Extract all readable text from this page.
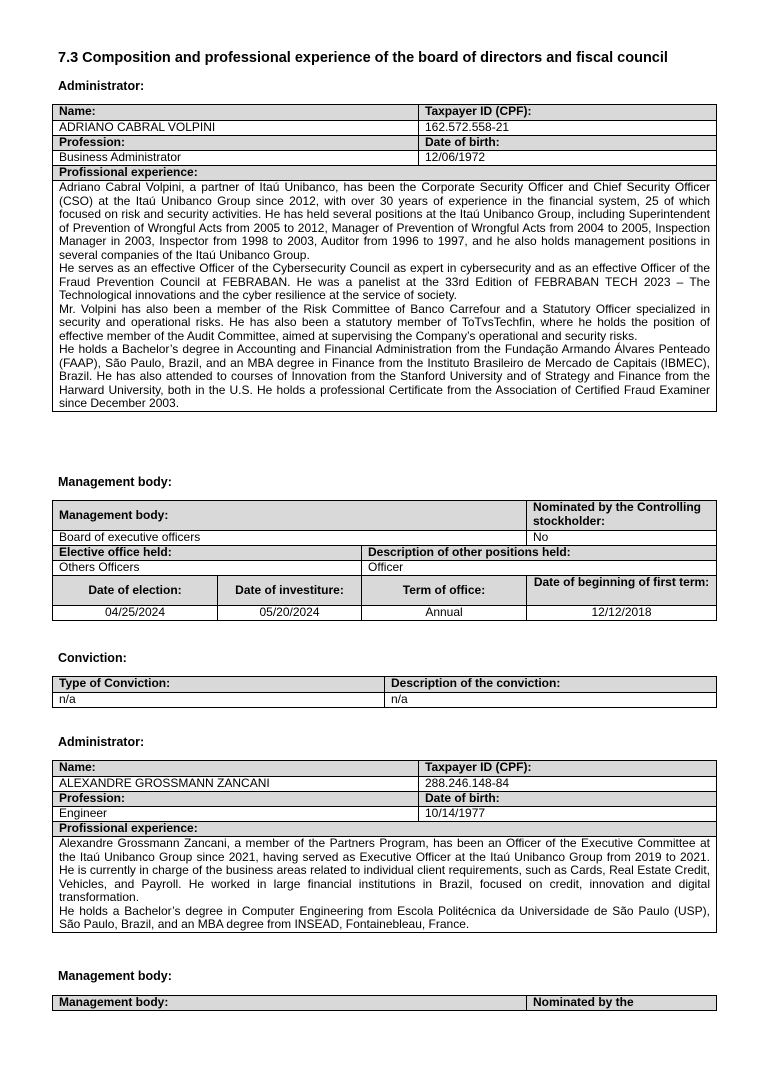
7.3 Composition and professional experience of the board of directors and fiscal council
Administrator:
Name:	Taxpayer ID (CPF):
ADRIANO CABRAL VOLPINI	162.572.558-21
Profession:	Date of birth:
Business Administrator	12/06/1972
Profissional experience:	

Adriano Cabral Volpini, a partner of Itaú Unibanco, has been the Corporate Security Officer and Chief Security Officer (CSO) at the Itaú Unibanco Group since 2012, with over 30 years of experience in the financial system, 25 of which focused on risk and security activities. He has held several positions at the Itaú Unibanco Group, including Superintendent of Prevention of Wrongful Acts from 2005 to 2012, Manager of Prevention of Wrongful Acts from 2004 to 2005, Inspection Manager in 2003, Inspector from 1998 to 2003, Auditor from 1996 to 1997, and he also holds management positions in several companies of the Itaú Unibanco Group.

He serves as an effective Officer of the Cybersecurity Council as expert in cybersecurity and as an effective Officer of the Fraud Prevention Council at FEBRABAN. He was a panelist at the 33rd Edition of FEBRABAN TECH 2023 – The Technological innovations and the cyber resilience at the service of society.

Mr. Volpini has also been a member of the Risk Committee of Banco Carrefour and a Statutory Officer specialized in security and operational risks. He has also been a statutory member of ToTvsTechfin, where he holds the position of effective member of the Audit Committee, aimed at supervising the Company’s operational and security risks.

He holds a Bachelor’s degree in Accounting and Financial Administration from the Fundação Armando Álvares Penteado (FAAP), São Paulo, Brazil, and an MBA degree in Finance from the Instituto Brasileiro de Mercado de Capitais (IBMEC), Brazil. He has also attended to courses of Innovation from the Stanford University and of Strategy and Finance from the Harward University, both in the U.S. He holds a professional Certificate from the Association of Certified Fraud Examiner since December 2003.	

Management body:
Management body:			Nominated by the Controlling stockholder:
Board of executive officers			No
Elective office held:		Description of other positions held:	
Others Officers		Officer	
Date of election:	Date of investiture:	Term of office:	Date of beginning of first term:
04/25/2024	05/20/2024	Annual	12/12/2018
Conviction:
Type of Conviction:	Description of the conviction:
n/a	n/a
Administrator:
Name:	Taxpayer ID (CPF):
ALEXANDRE GROSSMANN ZANCANI	288.246.148-84
Profession:	Date of birth:
Engineer	10/14/1977
Profissional experience:	

Alexandre Grossmann Zancani, a member of the Partners Program, has been an Officer of the Executive Committee at the Itaú Unibanco Group since 2021, having served as Executive Officer at the Itaú Unibanco Group from 2019 to 2021. He is currently in charge of the business areas related to individual client requirements, such as Cards, Real Estate Credit, Vehicles, and Payroll. He worked in large financial institutions in Brazil, focused on credit, innovation and digital transformation.

He holds a Bachelor’s degree in Computer Engineering from Escola Politécnica da Universidade de São Paulo (USP), São Paulo, Brazil, and an MBA degree from INSEAD, Fontainebleau, France.	

Management body:
Management body:	Nominated by the
